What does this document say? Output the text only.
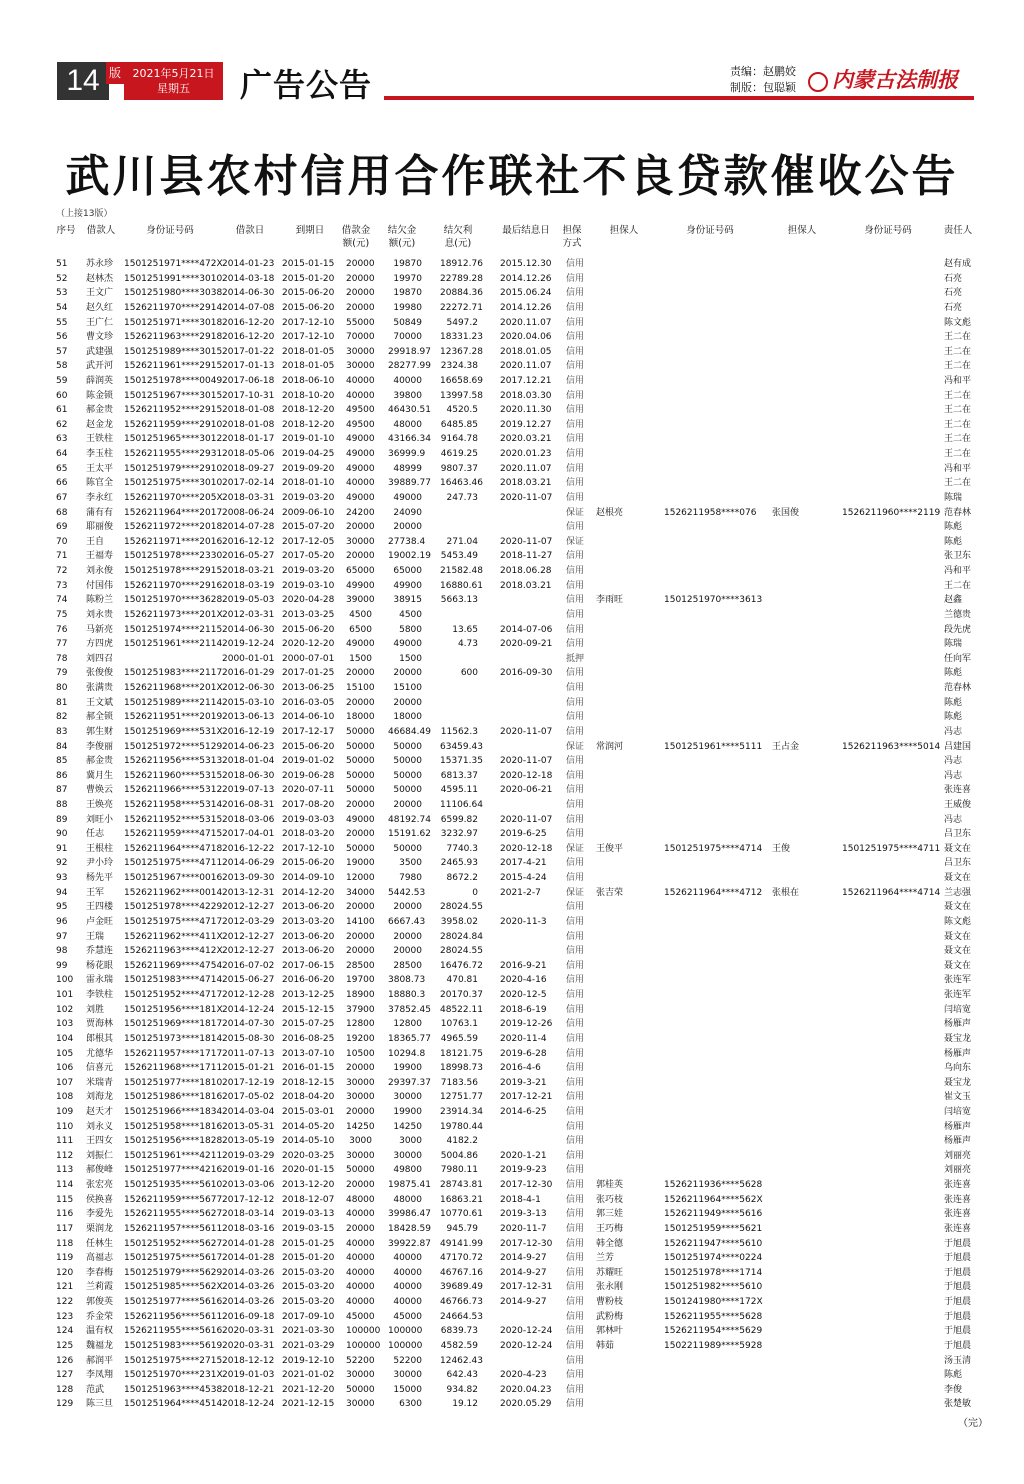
14 版	2021年5月21日
星期五	广告公告	责编：赵鹏姣
制版：包聪颖	内蒙古法制报
武川县农村信用合作联社不良贷款催收公告
（上接13版）
序号 借款人	身份证号码	借款日	到期日	借款金额(元)
结欠金额(元)
结欠利息(元)
最后结息日	担保方式
担保人	身份证号码	担保人	身份证号码	责任人
51 苏永珍 1501251971****472X 2014-01-23 2015-01-15 20000	19870 18912.76 2015.12.30 信用	赵有成
52 赵林杰 1501251991****3010 2014-03-18 2015-01-20 20000	19970 22789.28 2014.12.26 信用	石亮
53 王文广 1501251980****3038 2014-06-30 2015-06-20 20000	19870 20884.36 2015.06.24 信用	石亮
54 赵久红 1526211970****2914 2014-07-08 2015-06-20 20000	19980 22272.71 2014.12.26 信用	石亮
55 王广仁 1501251971****3018 2016-12-20 2017-12-10 55000	50849	5497.2 2020.11.07 信用	陈文彪
56 曹文珍 1526211963****2918 2016-12-20 2017-12-10 70000	70000 18331.23 2020.04.06 信用	王二在
57 武建强 1501251989****3015 2017-01-22 2018-01-05 30000 29918.97 12367.28 2018.01.05 信用	王二在
58 武开河 1526211961****2915 2017-01-13 2018-01-05 30000 28277.99 2324.38 2020.11.07 信用	王二在
59 薛润英 1501251978****0049 2017-06-18 2018-06-10 40000	40000 16658.69 2017.12.21 信用	冯和平
60 陈金锁 1501251967****3015 2017-10-31 2018-10-20 40000	39800 13997.58 2018.03.30 信用	王二在
61 郝金贵 1526211952****2915 2018-01-08 2018-12-20 49500 46430.51	4520.5 2020.11.30 信用	王二在
62 赵金龙 1526211959****2910 2018-01-08 2018-12-20 49500	48000 6485.85 2019.12.27 信用	王二在
63 王铁柱 1501251965****3012 2018-01-17 2019-01-10 49000 43166.34 9164.78 2020.03.21 信用	王二在
64 李玉柱 1526211955****2931 2018-05-06 2019-04-25 49000 36999.9 4619.25 2020.01.23 信用	王二在
65 王太平 1501251979****2910 2018-09-27 2019-09-20 49000	48999 9807.37 2020.11.07 信用	冯和平
66 陈官全 1501251975****3010 2017-02-14 2018-01-10 40000 39889.77 16463.46 2018.03.21 信用	王二在
67 李永红 1526211970****205X 2018-03-31 2019-03-20 49000	49000	247.73 2020-11-07 信用	陈瑞
68 蒲有有 1526211964****2017 2008-06-24 2009-06-10 24200	24090	保证 赵根亮	1526211958****076 张国俊	1526211960****2119 范春林
69 耶丽俊 1526211972****2018 2014-07-28 2015-07-20 20000	20000	信用	陈彪
70 王自 1526211971****2016 2016-12-12 2017-12-05 30000 27738.4	271.04 2020-11-07 保证	陈彪
71 王福寿 1501251978****2330 2016-05-27 2017-05-20 20000 19002.19 5453.49 2018-11-27 信用	张卫东
72 刘永俊 1501251978****2915 2018-03-21 2019-03-20 65000	65000 21582.48 2018.06.28 信用	冯和平
73 付国伟 1526211970****2916 2018-03-19 2019-03-10 49900	49900 16880.61 2018.03.21 信用	王二在
74 陈粉兰 1501251970****3628 2019-05-03 2020-04-28 39000	38915 5663.13	信用 李雨旺	1501251970****3613	赵鑫
75 刘永贵 1526211973****201X 2012-03-31 2013-03-25	4500	4500	信用	兰德贵
76 马新亮 1501251974****2115 2014-06-30 2015-06-20	6500	5800	13.65 2014-07-06 信用	段先虎
77 方四虎 1501251961****2114 2019-12-24 2020-12-20 49000	49000	4.73 2020-09-21 信用	陈瑞
78 刘四召	2000-01-01 2000-07-01	1500	1500	抵押	任向军
79 张俊俊 1501251983****2117 2016-01-29 2017-01-25 20000	20000	600 2016-09-30 信用	陈彪
80 张满贵 1526211968****201X 2012-06-30 2013-06-25 15100	15100	信用	范春林
81 王文斌 1501251989****2114 2015-03-10 2016-03-05 20000	20000	信用	陈彪
82 郝全锁 1526211951****2019 2013-06-13 2014-06-10 18000	18000	信用	陈彪
83 郭生财 1501251969****531X 2016-12-19 2017-12-17 50000 46684.49 11562.3 2020-11-07 信用	冯志
84 李俊丽 1501251972****5129 2014-06-23 2015-06-20 50000	50000 63459.43	保证 常润河	1501251961****5111 王占金	1526211963****5014 吕建国
85 郝金贵 1526211956****5313 2018-01-04 2019-01-02 50000	50000 15371.35 2020-11-07 信用	冯志
86 冀月生 1526211960****5315 2018-06-30 2019-06-28 50000	50000 6813.37 2020-12-18 信用	冯志
87 曹焕云 1526211966****5312 2019-07-13 2020-07-11 50000	50000 4595.11 2020-06-21 信用	张连喜
88 王焕亮 1526211958****5314 2016-08-31 2017-08-20 20000	20000 11106.64	信用	王威俊
89 刘旺小 1526211952****5315 2018-03-06 2019-03-03 49000 48192.74 6599.82 2020-11-07 信用	冯志
90 任志 1526211959****4715 2017-04-01 2018-03-20 20000 15191.62 3232.97 2019-6-25 信用	吕卫东
91 王根柱 1526211964****4718 2016-12-22 2017-12-10 50000	50000	7740.3 2020-12-18 保证 王俊平	1501251975****4714 王俊	1501251975****4711 聂文在
92 尹小玲 1501251975****4711 2014-06-29 2015-06-20 19000	3500 2465.93 2017-4-21 信用	吕卫东
93 杨先平 1501251967****0016 2013-09-30 2014-09-10 12000	7980	8672.2 2015-4-24 信用	聂文在
94 王军 1526211962****0014 2013-12-31 2014-12-20 34000 5442.53	0 2021-2-7	保证 张吉荣	1526211964****4712 张根在	1526211964****4714 兰志强
95 王四楼 1501251978****4229 2012-12-27 2013-06-20 20000	20000 28024.55	信用	聂文在
96 卢金旺 1501251975****4717 2012-03-29 2013-03-20 14100 6667.43 3958.02 2020-11-3 信用	陈文彪
97 王瑞 1526211962****411X 2012-12-27 2013-06-20 20000	20000 28024.84	信用	聂文在
98 乔慧连 1526211963****412X 2012-12-27 2013-06-20 20000	20000 28024.55	信用	聂文在
99 杨花眼 1526211969****4754 2016-07-02 2017-06-15 28500	28500 16476.72 2016-9-21 信用	聂文在
100 雷永瑞 1501251983****4714 2015-06-27 2016-06-20 19700 3808.73	470.81 2020-4-16 信用	张连军
101 李铁柱 1501251952****4717 2012-12-28 2013-12-25 18900 18880.3 20170.37 2020-12-5 信用	张连军
102 刘胜 1501251956****181X 2014-12-24 2015-12-15 37900 37852.45 48522.11 2018-6-19 信用	闫培宽
103 贾海林 1501251969****1817 2014-07-30 2015-07-25 12800	12800 10763.1 2019-12-26 信用	杨雁声
104 郎根其 1501251973****1814 2015-08-30 2016-08-25 19200 18365.77 4965.59 2020-11-4 信用	聂宝龙
105 尤德华 1526211957****1717 2011-07-13 2013-07-10 10500 10294.8 18121.75 2019-6-28 信用	杨雁声
106 信喜元 1526211968****1711 2015-01-21 2016-01-15 20000	19900 18998.73 2016-4-6	信用	乌向东
107 米瑞青 1501251977****1810 2017-12-19 2018-12-15 30000 29397.37 7183.56 2019-3-21 信用	聂宝龙
108 刘海龙 1501251986****1816 2017-05-02 2018-04-20 30000	30000 12751.77 2017-12-21 信用	崔文玉
109 赵天才 1501251966****1834 2014-03-04 2015-03-01 20000	19900 23914.34 2014-6-25 信用	闫培宽
110 刘永义 1501251958****1816 2013-05-31 2014-05-20 14250	14250 19780.44	信用	杨雁声
111 王四女 1501251956****1828 2013-05-19 2014-05-10	3000	3000	4182.2	信用	杨雁声
112 刘振仁 1501251961****4211 2019-03-29 2020-03-25 30000	30000 5004.86 2020-1-21 信用	刘丽亮
113 郝俊峰 1501251977****4216 2019-01-16 2020-01-15 50000	49800 7980.11 2019-9-23 信用	刘丽亮
114 张宏亮 1501251935****5610 2013-03-06 2013-12-20 20000 19875.41 28743.81 2017-12-30 信用 郭桂英	1526211936****5628	张连喜
115 侯换喜 1526211959****5677 2017-12-12 2018-12-07 48000	48000 16863.21 2018-4-1	信用 张巧枝	1526211964****562X	张连喜
116 李爱先 1526211955****5627 2018-03-14 2019-03-13 40000 39986.47 10770.61 2019-3-13 信用 郭三娃	1526211949****5616	张连喜
117 栗润龙 1526211957****5611 2018-03-16 2019-03-15 20000 18428.59	945.79 2020-11-7 信用 王巧梅	1501251959****5621	张连喜
118 任林生 1501251952****5627 2014-01-28 2015-01-25 40000 39922.87 49141.99 2017-12-30 信用 韩全德	1526211947****5610	于旭晨
119 高福志 1501251975****5617 2014-01-28 2015-01-20 40000	40000 47170.72 2014-9-27 信用 兰芳	1501251974****0224	于旭晨
120 李春梅 1501251979****5629 2014-03-26 2015-03-20 40000	40000 46767.16 2014-9-27 信用 苏耀旺	1501251978****1714	于旭晨
121 兰莉霞 1501251985****562X 2014-03-26 2015-03-20 40000	40000 39689.49 2017-12-31 信用 张永刚	1501251982****5610	于旭晨
122 郭俊英 1501251977****5616 2014-03-26 2015-03-20 40000	40000 46766.73 2014-9-27 信用 曹粉枝	1501241980****172X	于旭晨
123 乔金荣 1526211956****5611 2016-09-18 2017-09-10 45000	45000 24664.53	信用 武粉梅	1526211955****5628	于旭晨
124 温有权 1526211955****5616 2020-03-31 2021-03-30 100000 100000 6839.73 2020-12-24 信用 郭林叶	1526211954****5629	于旭晨
125 魏福龙 1501251983****5619 2020-03-31 2021-03-29 100000 100000 4582.59 2020-12-24 信用 韩茹	1502211989****5928	于旭晨
126 郝润平 1501251975****2715 2018-12-12 2019-12-10 52200	52200 12462.43	信用	汤玉清
127 李凤翔 1501251970****231X 2019-01-03 2021-01-02 30000	30000	642.43 2020-4-23 信用	陈彪
128 范武 1501251963****4538 2018-12-21 2021-12-20 50000	15000	934.82 2020.04.23 信用	李俊
129 陈三旦 1501251964****4514 2018-12-24 2021-12-15 30000	6300	19.12 2020.05.29 信用	张楚敏
（完）
